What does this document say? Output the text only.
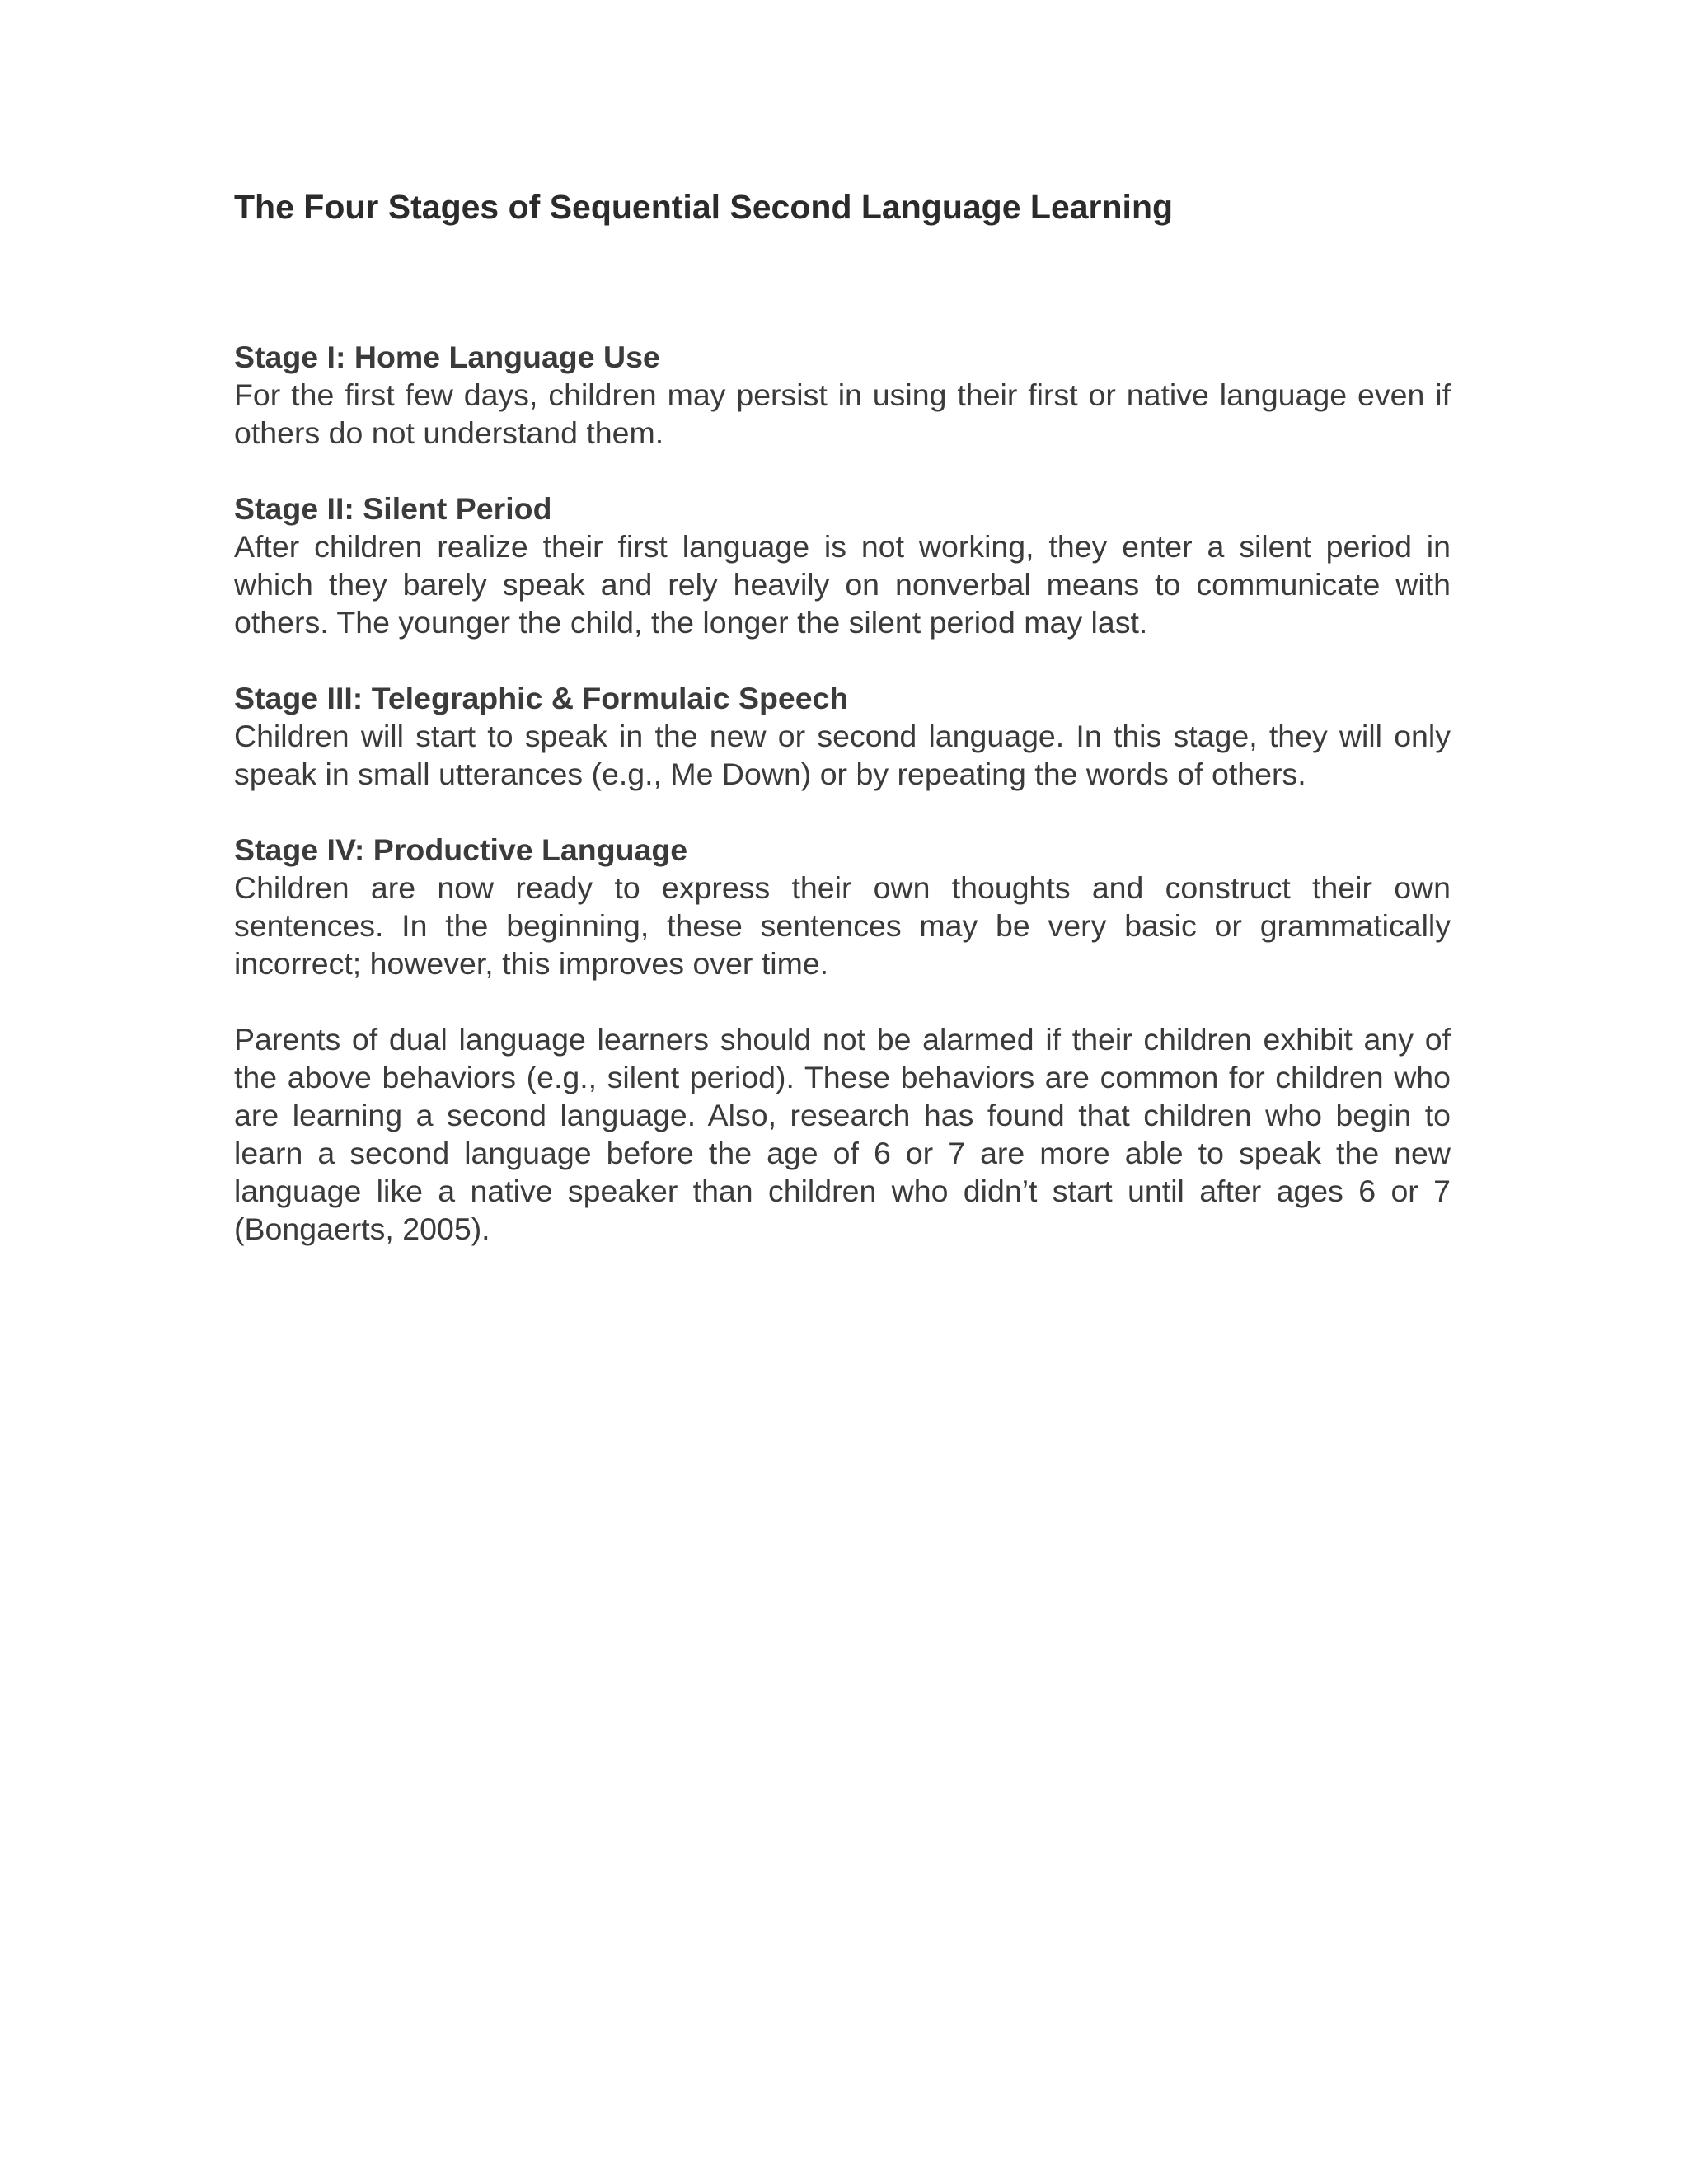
The Four Stages of Sequential Second Language Learning

Stage I: Home Language Use

For the first few days, children may persist in using their first or native language even if others do not understand them.

Stage II: Silent Period

After children realize their first language is not working, they enter a silent period in which they barely speak and rely heavily on nonverbal means to communicate with others. The younger the child, the longer the silent period may last.

Stage III: Telegraphic & Formulaic Speech

Children will start to speak in the new or second language. In this stage, they will only speak in small utterances (e.g., Me Down) or by repeating the words of others.

Stage IV: Productive Language

Children are now ready to express their own thoughts and construct their own sentences. In the beginning, these sentences may be very basic or grammatically incorrect; however, this improves over time.

Parents of dual language learners should not be alarmed if their children exhibit any of the above behaviors (e.g., silent period). These behaviors are common for children who are learning a second language. Also, research has found that children who begin to learn a second language before the age of 6 or 7 are more able to speak the new language like a native speaker than children who didn’t start until after ages 6 or 7 (Bongaerts, 2005).
